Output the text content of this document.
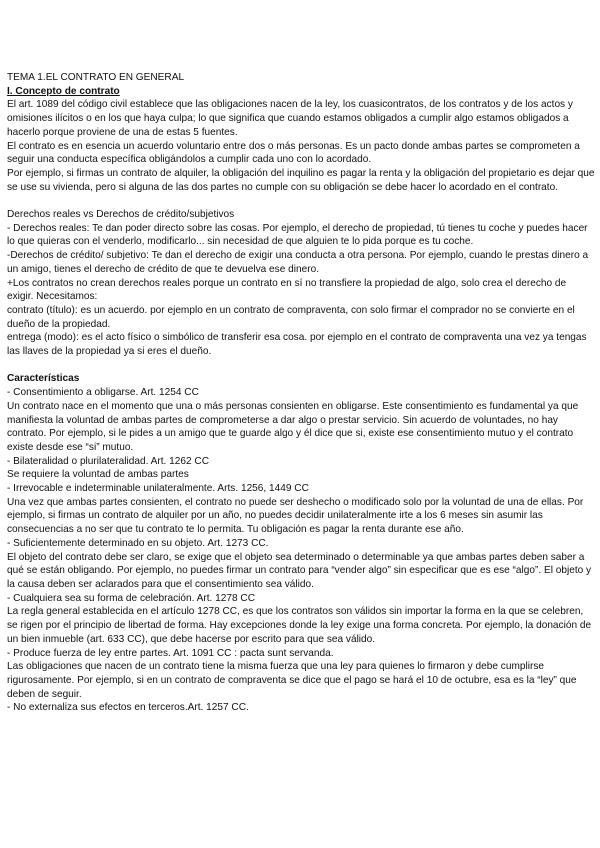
TEMA 1.EL CONTRATO EN GENERAL

I. Concepto de contrato

El art. 1089 del código civil establece que las obligaciones nacen de la ley, los cuasicontratos, de los contratos y de los actos y omisiones ilícitos o en los que haya culpa; lo que significa que cuando estamos obligados a cumplir algo estamos obligados a hacerlo porque proviene de una de estas 5 fuentes.

El contrato es en esencia un acuerdo voluntario entre dos o más personas. Es un pacto donde ambas partes se comprometen a seguir una conducta específica obligándolos a cumplir cada uno con lo acordado.

Por ejemplo, si firmas un contrato de alquiler, la obligación del inquilino es pagar la renta y la obligación del propietario es dejar que se use su vivienda, pero si alguna de las dos partes no cumple con su obligación se debe hacer lo acordado en el contrato.

Derechos reales vs Derechos de crédito/subjetivos

- Derechos reales: Te dan poder directo sobre las cosas. Por ejemplo, el derecho de propiedad, tú tienes tu coche y puedes hacer lo que quieras con el venderlo, modificarlo... sin necesidad de que alguien te lo pida porque es tu coche.

-Derechos de crédito/ subjetivo: Te dan el derecho de exigir una conducta a otra persona. Por ejemplo, cuando le prestas dinero a un amigo, tienes el derecho de crédito de que te devuelva ese dinero.

+Los contratos no crean derechos reales porque un contrato en sí no transfiere la propiedad de algo, solo crea el derecho de exigir. Necesitamos:

contrato (título): es un acuerdo. por ejemplo en un contrato de compraventa, con solo firmar el comprador no se convierte en el dueño de la propiedad.

entrega (modo): es el acto físico o simbólico de transferir esa cosa. por ejemplo en el contrato de compraventa una vez ya tengas las llaves de la propiedad ya si eres el dueño.

Características

- Consentimiento a obligarse. Art. 1254 CC

Un contrato nace en el momento que una o más personas consienten en obligarse. Este consentimiento es fundamental ya que manifiesta la voluntad de ambas partes de comprometerse a dar algo o prestar servicio. Sin acuerdo de voluntades, no hay contrato. Por ejemplo, si le pides a un amigo que te guarde algo y él dice que si, existe ese consentimiento mutuo y el contrato existe desde ese “si” mutuo.

- Bilateralidad o plurilateralidad. Art. 1262 CC

Se requiere la voluntad de ambas partes

- Irrevocable e indeterminable unilateralmente. Arts. 1256, 1449 CC

Una vez que ambas partes consienten, el contrato no puede ser deshecho o modificado solo por la voluntad de una de ellas. Por ejemplo, si firmas un contrato de alquiler por un año, no puedes decidir unilateralmente irte a los 6 meses sin asumir las consecuencias a no ser que tu contrato te lo permita. Tu obligación es pagar la renta durante ese año.

- Suficientemente determinado en su objeto. Art. 1273 CC.

El objeto del contrato debe ser claro, se exige que el objeto sea determinado o determinable ya que ambas partes deben saber a qué se están obligando. Por ejemplo, no puedes firmar un contrato para “vender algo” sin especificar que es ese “algo”. El objeto y la causa deben ser aclarados para que el consentimiento sea válido.

- Cualquiera sea su forma de celebración. Art. 1278 CC

La regla general establecida en el artículo 1278 CC, es que los contratos son válidos sin importar la forma en la que se celebren, se rigen por el principio de libertad de forma. Hay excepciones donde la ley exige una forma concreta. Por ejemplo, la donación de un bien inmueble (art. 633 CC), que debe hacerse por escrito para que sea válido.

- Produce fuerza de ley entre partes. Art. 1091 CC : pacta sunt servanda.

Las obligaciones que nacen de un contrato tiene la misma fuerza que una ley para quienes lo firmaron y debe cumplirse rigurosamente. Por ejemplo, si en un contrato de compraventa se dice que el pago se hará el 10 de octubre, esa es la “ley” que deben de seguir.

- No externaliza sus efectos en terceros.Art. 1257 CC.
